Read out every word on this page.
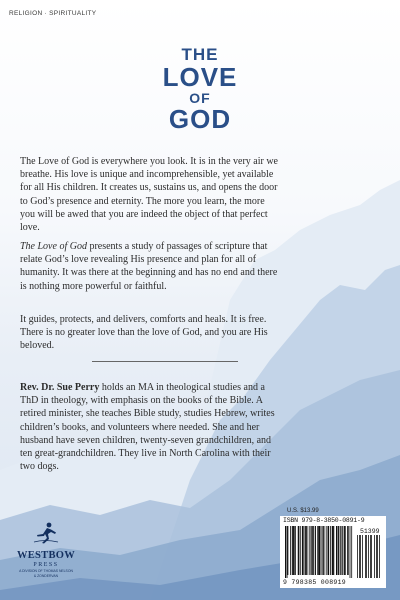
RELIGION · SPIRITUALITY
THE
LOVE
OF
GOD

The Love of God is everywhere you look. It is in the very air we breathe. His love is unique and incomprehensible, yet available for all His children. It creates us, sustains us, and opens the door to God’s presence and eternity. The more you learn, the more you will be awed that you are indeed the object of that perfect love.

The Love of God presents a study of passages of scripture that relate God’s love revealing His presence and plan for all of humanity. It was there at the beginning and has no end and there is nothing more powerful or faithful.

It guides, protects, and delivers, comforts and heals. It is free. There is no greater love than the love of God, and you are His beloved.

Rev. Dr. Sue Perry holds an MA in theological studies and a ThD in theology, with emphasis on the books of the Bible. A retired minister, she teaches Bible study, studies Hebrew, writes children’s books, and volunteers where needed. She and her husband have seven children, twenty-seven grandchildren, and ten great-grandchildren. They live in North Carolina with their two dogs.

WESTBOW
PRESS
A DIVISION OF THOMAS NELSON
& ZONDERVAN
U.S. $13.99
ISBN 979-8-3850-0891-9
51399
9 798385 008919
